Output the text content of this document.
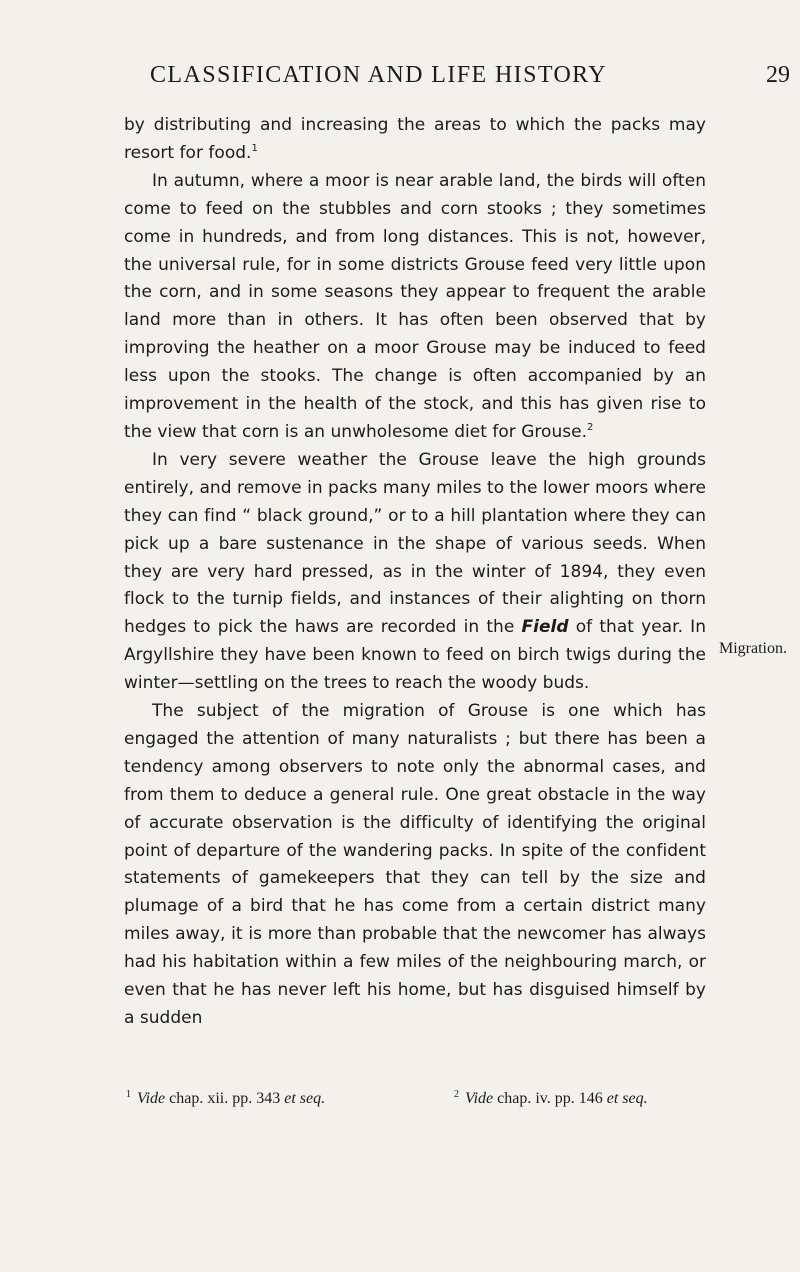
CLASSIFICATION AND LIFE HISTORY	29

by distributing and increasing the areas to which the packs may resort for food.$^1$

In autumn, where a moor is near arable land, the birds will often come to feed on the stubbles and corn stooks ; they sometimes come in hundreds, and from long distances. This is not, however, the universal rule, for in some districts Grouse feed very little upon the corn, and in some seasons they appear to frequent the arable land more than in others. It has often been observed that by improving the heather on a moor Grouse may be induced to feed less upon the stooks. The change is often accompanied by an improvement in the health of the stock, and this has given rise to the view that corn is an unwholesome diet for Grouse.$^2$

In very severe weather the Grouse leave the high grounds entirely, and remove in packs many miles to the lower moors where they can find “ black ground,” or to a hill plantation where they can pick up a bare sustenance in the shape of various seeds. When they are very hard pressed, as in the winter of 1894, they even flock to the turnip fields, and instances of their alighting on thorn hedges to pick the haws are recorded in the Field of that year. In Argyllshire they have been known to feed on birch twigs during the winter—settling on the trees to reach the woody buds.

The subject of the migration of Grouse is one which has engaged the attention of many naturalists ; but there has been a tendency among observers to note only the abnormal cases, and from them to deduce a general rule. One great obstacle in the way of accurate observation is the difficulty of identifying the original point of departure of the wandering packs. In spite of the confident statements of gamekeepers that they can tell by the size and plumage of a bird that he has come from a certain district many miles away, it is more than probable that the newcomer has always had his habitation within a few miles of the neighbouring march, or even that he has never left his home, but has disguised himself by a sudden

Migration.
$^1$ Vide chap. xii. pp. 343 et seq.	$^2$ Vide chap. iv. pp. 146 et seq.
